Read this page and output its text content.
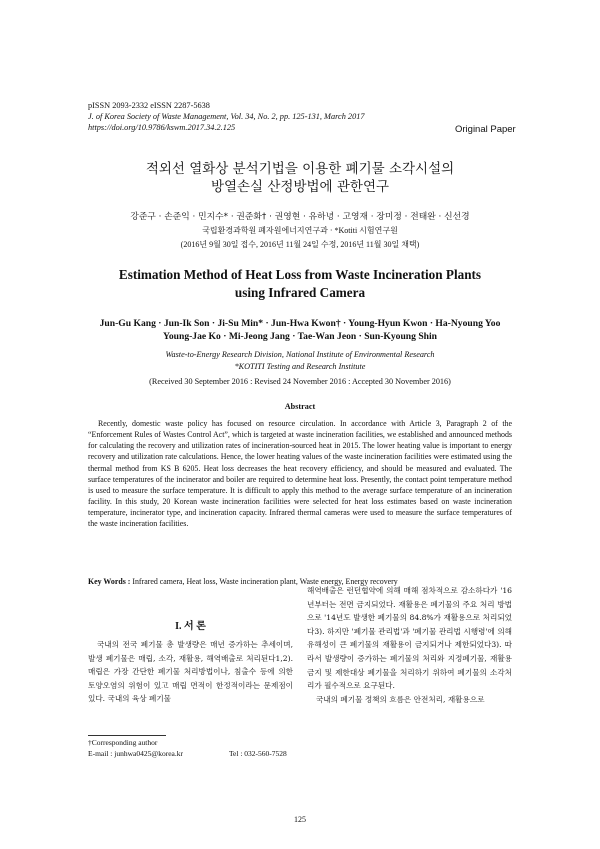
pISSN 2093-2332 eISSN 2287-5638
J. of Korea Society of Waste Management, Vol. 34, No. 2, pp. 125-131, March 2017
https://doi.org/10.9786/kswm.2017.34.2.125	Original Paper
적외선 열화상 분석기법을 이용한 폐기물 소각시설의
방열손실 산정방법에 관한연구
강준구 · 손준익 · 민지수* · 권준화† · 권영현 · 유하녕 · 고영재 · 장미정 · 전태완 · 신선경
국립환경과학원 폐자원에너지연구과 · *Kotiti 시험연구원
(2016년 9월 30일 접수, 2016년 11월 24일 수정, 2016년 11월 30일 채택)
Estimation Method of Heat Loss from Waste Incineration Plants
using Infrared Camera
Jun-Gu Kang · Jun-Ik Son · Ji-Su Min* · Jun-Hwa Kwon† · Young-Hyun Kwon · Ha-Nyoung Yoo
Young-Jae Ko · Mi-Jeong Jang · Tae-Wan Jeon · Sun-Kyoung Shin
Waste-to-Energy Research Division, National Institute of Environmental Research
*KOTITI Testing and Research Institute
(Received 30 September 2016 : Revised 24 November 2016 : Accepted 30 November 2016)
Abstract

Recently, domestic waste policy has focused on resource circulation. In accordance with Article 3, Paragraph 2 of the “Enforcement Rules of Wastes Control Act”, which is targeted at waste incineration facilities, we established and announced methods for calculating the recovery and utilization rates of incineration-sourced heat in 2015. The lower heating value is important to energy recovery and utilization rate calculations. Hence, the lower heating values of the waste incineration facilities were estimated using the thermal method from KS B 6205. Heat loss decreases the heat recovery efficiency, and should be measured and evaluated. The surface temperatures of the incinerator and boiler are required to determine heat loss. Presently, the contact point temperature method is used to measure the surface temperature. It is difficult to apply this method to the average surface temperature of an incineration facility. In this study, 20 Korean waste incineration facilities were selected for heat loss estimates based on waste incineration temperature, incinerator type, and incineration capacity. Infrared thermal cameras were used to measure the surface temperatures of the waste incineration facilities.

Key Words : Infrared camera, Heat loss, Waste incineration plant, Waste energy, Energy recovery
I. 서 론

국내의 전국 폐기물 총 발생량은 매년 증가하는 추세이며, 발생 폐기물은 매립, 소각, 재활용, 해역배출로 처리된다1,2). 매립은 가장 간단한 폐기물 처리방법이나, 침출수 등에 의한 토양오염의 위험이 있고 매립 면적이 한정적이라는 문제점이 있다. 국내의 육상 폐기물

해역배출은 런던협약에 의해 매해 점차적으로 감소하다가 '16년부터는 전면 금지되었다. 재활용은 폐기물의 주요 처리 방법으로 '14년도 발생한 폐기물의 84.8%가 재활용으로 처리되었다3). 하지만 '폐기물 관리법'과 '폐기물 관리법 시행령'에 의해 유해성이 큰 폐기물의 재활용이 금지되거나 제한되었다3). 따라서 발생량이 증가하는 폐기물의 처리와 지정폐기물, 재활용 금지 및 제한대상 폐기물을 처리하기 위하여 폐기물의 소각처리가 필수적으로 요구된다.

국내의 폐기물 정책의 흐름은 안전처리, 재활용으로

†Corresponding author
E-mail : junhwa0425@korea.kr	Tel : 032-560-7528
125
